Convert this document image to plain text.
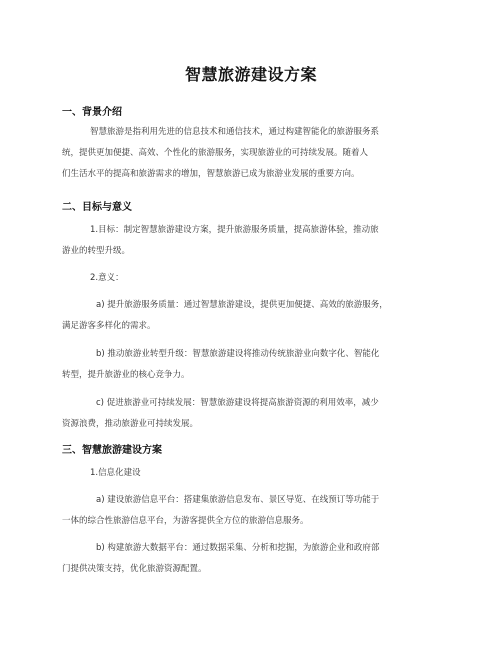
智慧旅游建设方案
一、背景介绍
智慧旅游是指利用先进的信息技术和通信技术，通过构建智能化的旅游服务系
统，提供更加便捷、高效、个性化的旅游服务，实现旅游业的可持续发展。随着人
们生活水平的提高和旅游需求的增加，智慧旅游已成为旅游业发展的重要方向。
二、目标与意义
1.目标：制定智慧旅游建设方案，提升旅游服务质量，提高旅游体验，推动旅
游业的转型升级。
2.意义：
a) 提升旅游服务质量：通过智慧旅游建设，提供更加便捷、高效的旅游服务，
满足游客多样化的需求。
b) 推动旅游业转型升级：智慧旅游建设将推动传统旅游业向数字化、智能化
转型，提升旅游业的核心竞争力。
c) 促进旅游业可持续发展：智慧旅游建设将提高旅游资源的利用效率，减少
资源浪费，推动旅游业可持续发展。
三、智慧旅游建设方案
1.信息化建设
a) 建设旅游信息平台：搭建集旅游信息发布、景区导览、在线预订等功能于
一体的综合性旅游信息平台，为游客提供全方位的旅游信息服务。
b) 构建旅游大数据平台：通过数据采集、分析和挖掘，为旅游企业和政府部
门提供决策支持，优化旅游资源配置。
